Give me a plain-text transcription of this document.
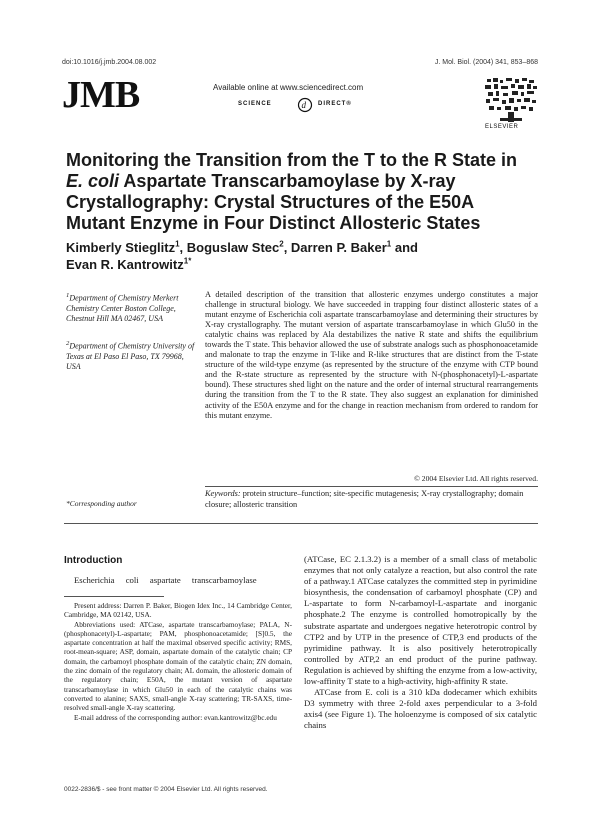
doi:10.1016/j.jmb.2004.08.002	J. Mol. Biol. (2004) 341, 853–868
JMB	Available online at www.sciencedirect.com
SCIENCE	d DIRECT®
ELSEVIER
Monitoring the Transition from the T to the R State in
E. coli Aspartate Transcarbamoylase by X-ray
Crystallography: Crystal Structures of the E50A
Mutant Enzyme in Four Distinct Allosteric States
Kimberly Stieglitz$^1$, Boguslaw Stec$^2$, Darren P. Baker$^1$ and
Evan R. Kantrowitz$^{1*}$
$^1$Department of Chemistry Merkert Chemistry Center Boston College, Chestnut Hill MA 02467, USA
$^2$Department of Chemistry University of Texas at El Paso El Paso, TX 79968, USA

A detailed description of the transition that allosteric enzymes undergo constitutes a major challenge in structural biology. We have succeeded in trapping four distinct allosteric states of a mutant enzyme of Escherichia coli aspartate transcarbamoylase and determining their structures by X-ray crystallography. The mutant version of aspartate transcarbamoylase in which Glu50 in the catalytic chains was replaced by Ala destabilizes the native R state and shifts the equilibrium towards the T state. This behavior allowed the use of substrate analogs such as phosphonoacetamide and malonate to trap the enzyme in T-like and R-like structures that are distinct from the T-state structure of the wild-type enzyme (as represented by the structure of the enzyme with CTP bound and the R-state structure as represented by the structure with N-(phosphonacetyl)-L-aspartate bound). These structures shed light on the nature and the order of internal structural rearrangements during the transition from the T to the R state. They also suggest an explanation for diminished activity of the E50A enzyme and for the change in reaction mechanism from ordered to random for this mutant enzyme.

© 2004 Elsevier Ltd. All rights reserved.
Keywords: protein structure–function; site-specific mutagenesis; X-ray crystallography; domain closure; allosteric transition
*Corresponding author
Introduction

Escherichia coli aspartate transcarbamoylase

Present address: Darren P. Baker, Biogen Idex Inc., 14 Cambridge Center, Cambridge, MA 02142, USA.

Abbreviations used: ATCase, aspartate transcarbamoylase; PALA, N-(phosphonacetyl)-L-aspartate; PAM, phosphonoacetamide; [S]0.5, the aspartate concentration at half the maximal observed specific activity; RMS, root-mean-square; ASP, domain, aspartate domain of the catalytic chain; CP domain, the carbamoyl phosphate domain of the catalytic chain; ZN domain, the zinc domain of the regulatory chain; AL domain, the allosteric domain of the regulatory chain; E50A, the mutant version of aspartate transcarbamoylase in which Glu50 in each of the catalytic chains was converted to alanine; SAXS, small-angle X-ray scattering; TR-SAXS, time-resolved small-angle X-ray scattering.

E-mail address of the corresponding author: evan.kantrowitz@bc.edu

(ATCase, EC 2.1.3.2) is a member of a small class of metabolic enzymes that not only catalyze a reaction, but also control the rate of a pathway.1 ATCase catalyzes the committed step in pyrimidine biosynthesis, the condensation of carbamoyl phosphate (CP) and L-aspartate to form N-carbamoyl-L-aspartate and inorganic phosphate.2 The enzyme is controlled homotropically by the substrate aspartate and undergoes negative heterotropic control by CTP2 and by UTP in the presence of CTP,3 end products of the pyrimidine pathway. It is also positively heterotropically controlled by ATP,2 an end product of the purine pathway. Regulation is achieved by shifting the enzyme from a low-activity, low-affinity T state to a high-activity, high-affinity R state.

ATCase from E. coli is a 310 kDa dodecamer which exhibits D3 symmetry with three 2-fold axes perpendicular to a 3-fold axis4 (see Figure 1). The holoenzyme is composed of six catalytic chains

0022-2836/$ - see front matter © 2004 Elsevier Ltd. All rights reserved.
